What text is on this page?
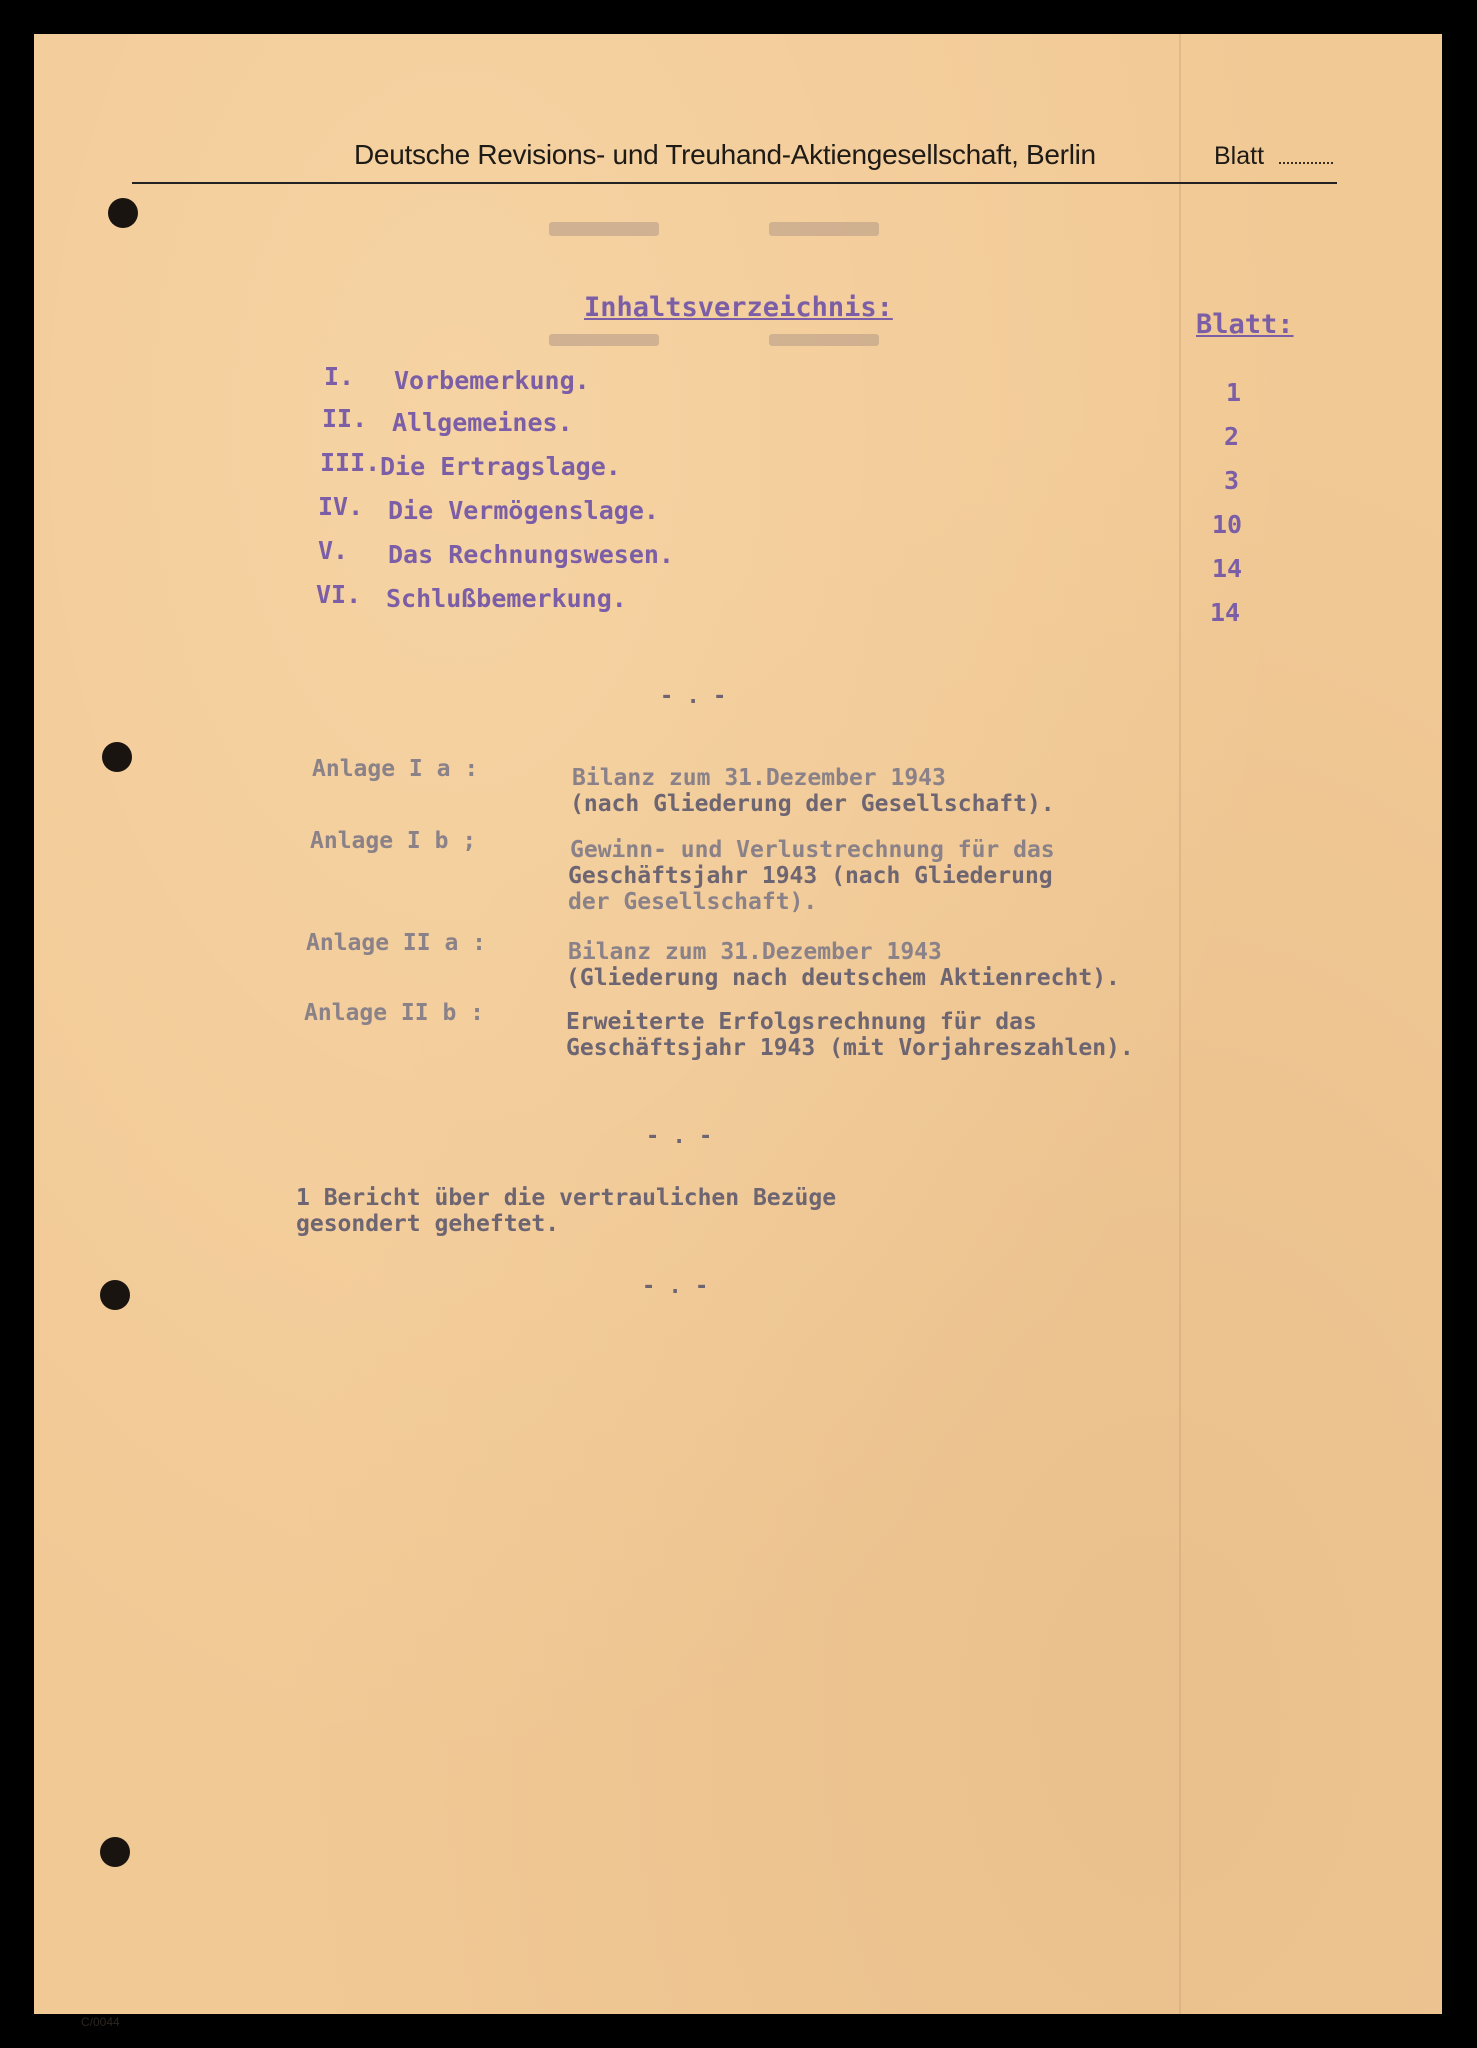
Deutsche Revisions- und Treuhand-Aktiengesellschaft, Berlin	Blatt
Inhaltsverzeichnis:
Blatt:
I. Vorbemerkung.	1
II. Allgemeines.	2
III. Die Ertragslage.	3
IV. Die Vermögenslage.	10
V. Das Rechnungswesen.	14
VI. Schlußbemerkung.	14
- . -
Anlage I a :	Bilanz zum 31.Dezember 1943
(nach Gliederung der Gesellschaft).
Anlage I b ;	Gewinn- und Verlustrechnung für das
Geschäftsjahr 1943 (nach Gliederung
der Gesellschaft).
Anlage II a :	Bilanz zum 31.Dezember 1943
(Gliederung nach deutschem Aktienrecht).
Anlage II b :	Erweiterte Erfolgsrechnung für das
Geschäftsjahr 1943 (mit Vorjahreszahlen).
- . -
1 Bericht über die vertraulichen Bezüge
gesondert geheftet.
- . -
C/0044
